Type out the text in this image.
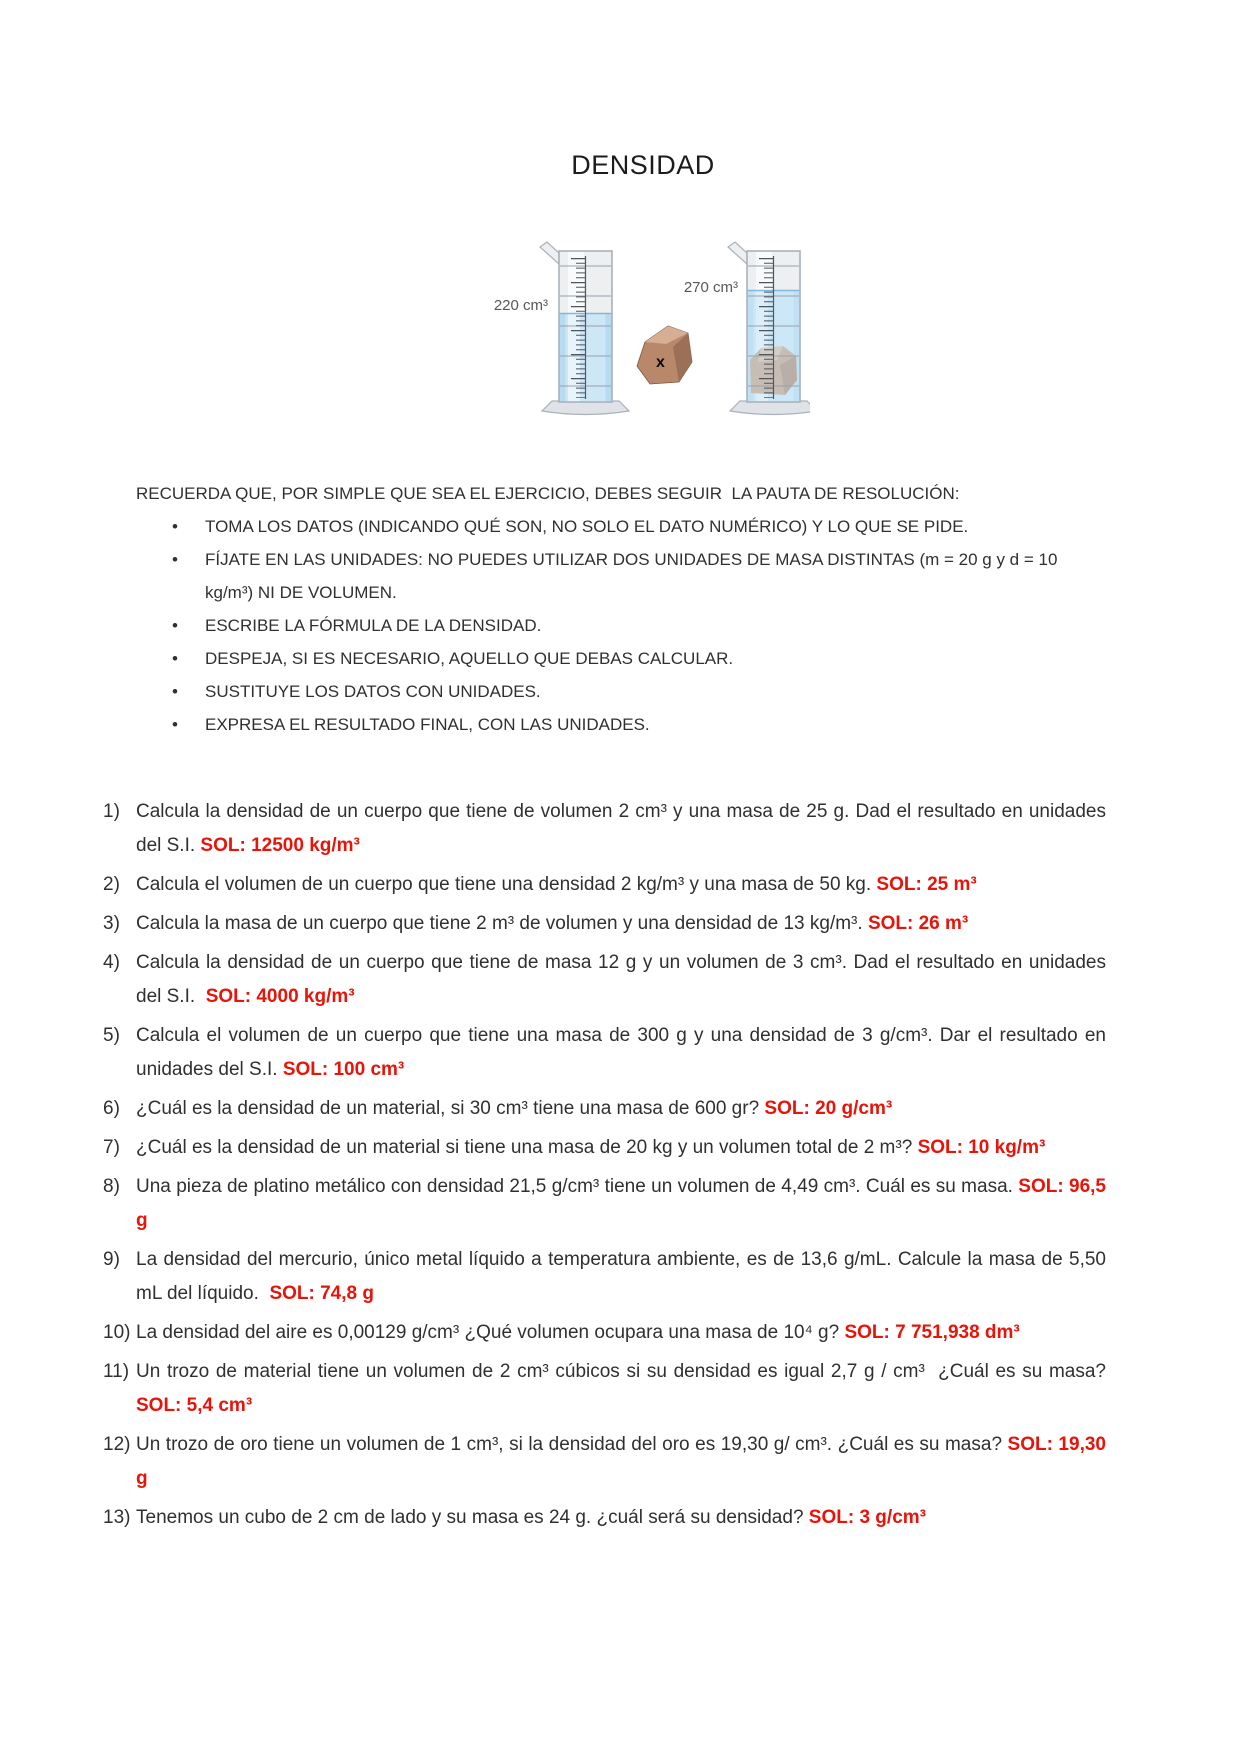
DENSIDAD
x
220 cm³
270 cm³

RECUERDA QUE, POR SIMPLE QUE SEA EL EJERCICIO, DEBES SEGUIR  LA PAUTA DE RESOLUCIÓN:

•	TOMA LOS DATOS (INDICANDO QUÉ SON, NO SOLO EL DATO NUMÉRICO) Y LO QUE SE PIDE.
•	FÍJATE EN LAS UNIDADES: NO PUEDES UTILIZAR DOS UNIDADES DE MASA DISTINTAS (m = 20 g y d = 10 kg/m³) NI DE VOLUMEN.
•	ESCRIBE LA FÓRMULA DE LA DENSIDAD.
•	DESPEJA, SI ES NECESARIO, AQUELLO QUE DEBAS CALCULAR.
•	SUSTITUYE LOS DATOS CON UNIDADES.
•	EXPRESA EL RESULTADO FINAL, CON LAS UNIDADES.
1) Calcula la densidad de un cuerpo que tiene de volumen 2 cm³ y una masa de 25 g. Dad el resultado en unidades del S.I. SOL: 12500 kg/m³
2) Calcula el volumen de un cuerpo que tiene una densidad 2 kg/m³ y una masa de 50 kg. SOL: 25 m³
3) Calcula la masa de un cuerpo que tiene 2 m³ de volumen y una densidad de 13 kg/m³. SOL: 26 m³
4) Calcula la densidad de un cuerpo que tiene de masa 12 g y un volumen de 3 cm³. Dad el resultado en unidades del S.I.  SOL: 4000 kg/m³
5) Calcula el volumen de un cuerpo que tiene una masa de 300 g y una densidad de 3 g/cm³. Dar el resultado en unidades del S.I. SOL: 100 cm³
6) ¿Cuál es la densidad de un material, si 30 cm³ tiene una masa de 600 gr? SOL: 20 g/cm³
7) ¿Cuál es la densidad de un material si tiene una masa de 20 kg y un volumen total de 2 m³? SOL: 10 kg/m³
8) Una pieza de platino metálico con densidad 21,5 g/cm³ tiene un volumen de 4,49 cm³. Cuál es su masa. SOL: 96,5 g
9) La densidad del mercurio, único metal líquido a temperatura ambiente, es de 13,6 g/mL. Calcule la masa de 5,50 mL del líquido.  SOL: 74,8 g
10) La densidad del aire es 0,00129 g/cm³ ¿Qué volumen ocupara una masa de 10⁴ g? SOL: 7 751,938 dm³
11) Un trozo de material tiene un volumen de 2 cm³ cúbicos si su densidad es igual 2,7 g / cm³  ¿Cuál es su masa?  SOL: 5,4 cm³
12) Un trozo de oro tiene un volumen de 1 cm³, si la densidad del oro es 19,30 g/ cm³. ¿Cuál es su masa? SOL: 19,30 g
13) Tenemos un cubo de 2 cm de lado y su masa es 24 g. ¿cuál será su densidad? SOL: 3 g/cm³
